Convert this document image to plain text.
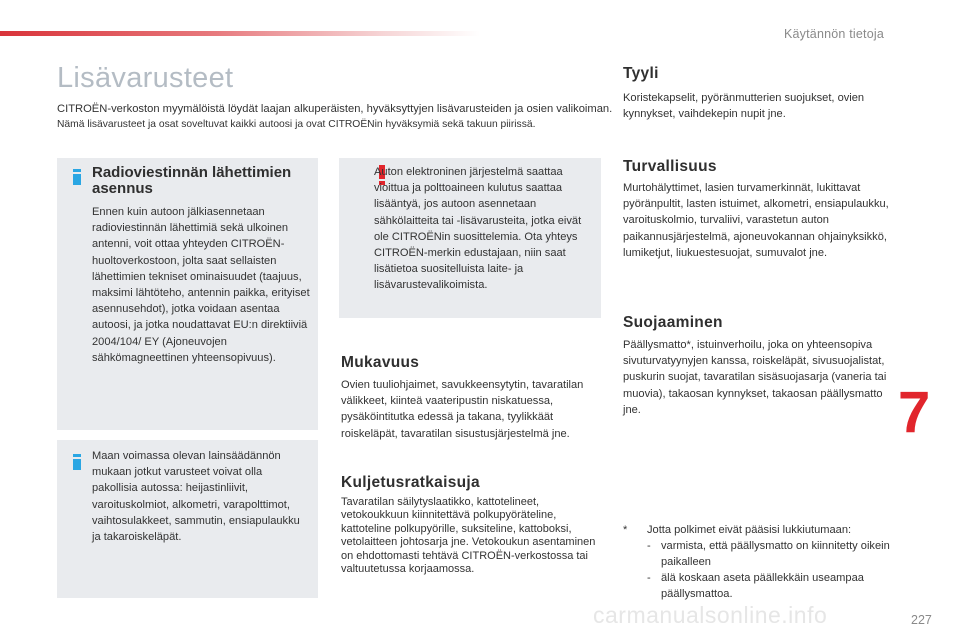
Käytännön tietoja
Lisävarusteet

CITROËN-verkoston myymälöistä löydät laajan alkuperäisten, hyväksyttyjen lisävarusteiden ja osien valikoiman.

Nämä lisävarusteet ja osat soveltuvat kaikki autoosi ja ovat CITROËNin hyväksymiä sekä takuun piirissä.

Radioviestinnän lähettimien asennus
Ennen kuin autoon jälkiasennetaan radioviestinnän lähettimiä sekä ulkoinen antenni, voit ottaa yhteyden CITROËN-huoltoverkostoon, jolta saat sellaisten lähettimien tekniset ominaisuudet (taajuus, maksimi lähtöteho, antennin paikka, erityiset asennusehdot), jotka voidaan asentaa autoosi, ja jotka noudattavat EU:n direktiiviä 2004/104/ EY (Ajoneuvojen sähkömagneettinen yhteensopivuus).
Auton elektroninen järjestelmä saattaa vioittua ja polttoaineen kulutus saattaa lisääntyä, jos autoon asennetaan sähkölaitteita tai -lisävarusteita, jotka eivät ole CITROËNin suosittelemia. Ota yhteys CITROËN-merkin edustajaan, niin saat lisätietoa suositelluista laite- ja lisävarustevalikoimista.
Maan voimassa olevan lainsäädännön mukaan jotkut varusteet voivat olla pakollisia autossa: heijastinliivit, varoituskolmiot, alkometri, varapolttimot, vaihtosulakkeet, sammutin, ensiapulaukku ja takaroiskeläpät.
Mukavuus
Ovien tuuliohjaimet, savukkeensytytin, tavaratilan välikkeet, kiinteä vaateripustin niskatuessa, pysäköintitutka edessä ja takana, tyylikkäät roiskeläpät, tavaratilan sisustusjärjestelmä jne.
Kuljetusratkaisuja
Tavaratilan säilytyslaatikko, kattotelineet, vetokoukkuun kiinnitettävä polkupyöräteline, kattoteline polkupyörille, suksiteline, kattoboksi, vetolaitteen johtosarja jne. Vetokoukun asentaminen on ehdottomasti tehtävä CITROËN-verkostossa tai valtuutetussa korjaamossa.
Tyyli
Koristekapselit, pyöränmutterien suojukset, ovien kynnykset, vaihdekepin nupit jne.
Turvallisuus
Murtohälyttimet, lasien turvamerkinnät, lukittavat pyöränpultit, lasten istuimet, alkometri, ensiapulaukku, varoituskolmio, turvaliivi, varastetun auton paikannusjärjestelmä, ajoneuvokannan ohjainyksikkö, lumiketjut, liukuestesuojat, sumuvalot jne.
Suojaaminen
Päällysmatto*, istuinverhoilu, joka on yhteensopiva sivuturvatyynyjen kanssa, roiskeläpät, sivusuojalistat, puskurin suojat, tavaratilan sisäsuojasarja (vaneria tai muovia), takaosan kynnykset, takaosan päällysmatto jne.
* Jotta polkimet eivät pääsisi lukkiutumaan:
- varmista, että päällysmatto on kiinnitetty oikein paikalleen
- älä koskaan aseta päällekkäin useampaa päällysmattoa.
7
carmanualsonline.info	227
